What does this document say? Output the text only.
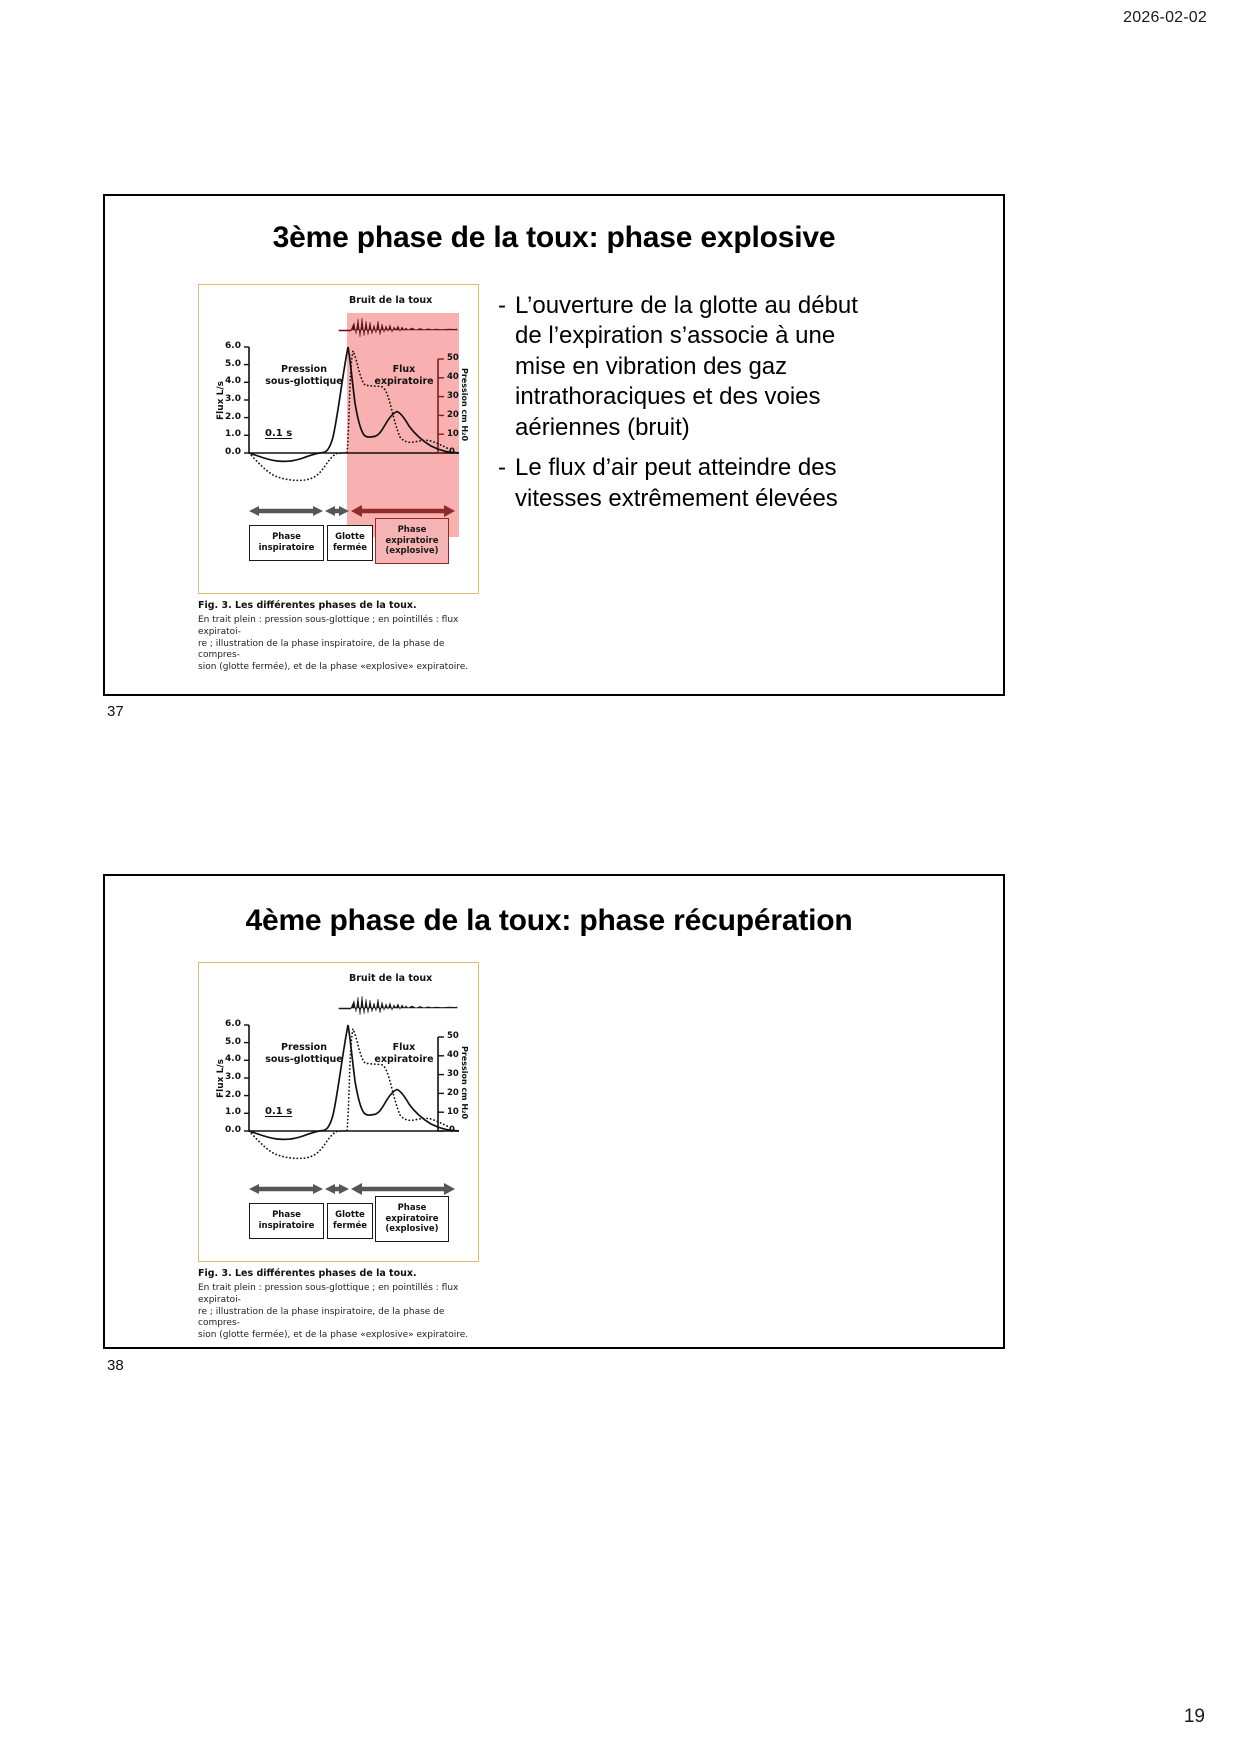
2026-02-02
3ème phase de la toux: phase explosive
Bruit de la toux
Flux L/s	Pression cm H₂0
6.0
5.0
4.0
3.0
2.0
1.0
0.0
50
40
30
20
10
0
Pression
sous-glottique
Flux
expiratoire
0.1 s
Phase
inspiratoire
Glotte
fermée
Phase
expiratoire
(explosive)
Fig. 3. Les différentes phases de la toux.
En trait plein : pression sous-glottique ; en pointillés : flux expiratoi-
re ; illustration de la phase inspiratoire, de la phase de compres-
sion (glotte fermée), et de la phase «explosive» expiratoire.
- L’ouverture de la glotte au début de l’expiration s’associe à une mise en vibration des gaz intrathoraciques et des voies aériennes (bruit)
- Le flux d’air peut atteindre des vitesses extrêmement élevées
37
4ème phase de la toux: phase récupération
Bruit de la toux
Flux L/s	Pression cm H₂0
6.0
5.0
4.0
3.0
2.0
1.0
0.0
50
40
30
20
10
0
Pression
sous-glottique
Flux
expiratoire
0.1 s
Phase
inspiratoire
Glotte
fermée
Phase
expiratoire
(explosive)
Fig. 3. Les différentes phases de la toux.
En trait plein : pression sous-glottique ; en pointillés : flux expiratoi-
re ; illustration de la phase inspiratoire, de la phase de compres-
sion (glotte fermée), et de la phase «explosive» expiratoire.
38
19
